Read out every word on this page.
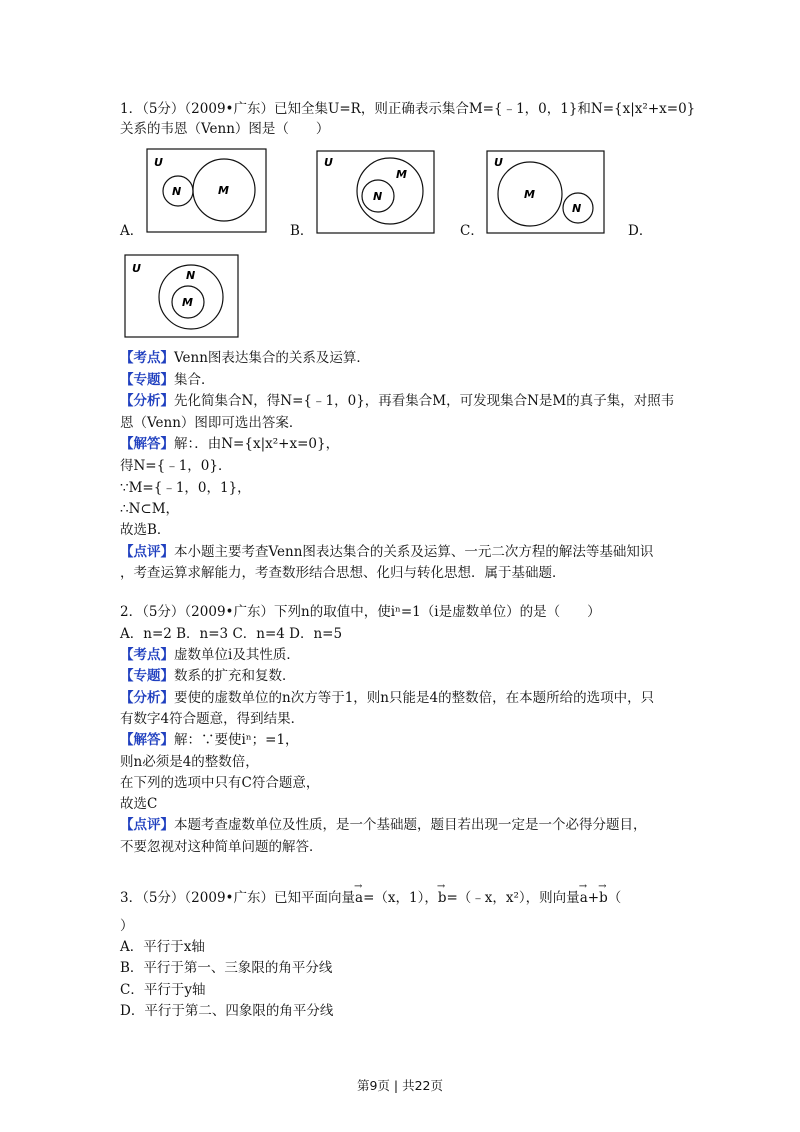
1．（5分）（2009•广东）已知全集U=R，则正确表示集合M={﹣1，0，1}和N={x|x²+x=0}
关系的韦恩（Venn）图是（　　）
U
N	M
A．
U
M
N
B．
U
M
N
C．	D．
U
N
M
【考点】Venn图表达集合的关系及运算．
【专题】集合．
【分析】先化简集合N，得N={﹣1，0}，再看集合M，可发现集合N是M的真子集，对照韦
恩（Venn）图即可选出答案．
【解答】解：．由N={x|x²+x=0}，
得N={﹣1，0}．
∵M={﹣1，0，1}，
∴N⊂M，
故选B．
【点评】本小题主要考查Venn图表达集合的关系及运算、一元二次方程的解法等基础知识
，考查运算求解能力，考查数形结合思想、化归与转化思想．属于基础题．
2．（5分）（2009•广东）下列n的取值中，使iⁿ=1（i是虚数单位）的是（　　）
A．n=2 B．n=3 C．n=4 D．n=5
【考点】虚数单位i及其性质．
【专题】数系的扩充和复数．
【分析】要使的虚数单位的n次方等于1，则n只能是4的整数倍，在本题所给的选项中，只
有数字4符合题意，得到结果．
【解答】解：∵要使iⁿ；=1，
则n必须是4的整数倍，
在下列的选项中只有C符合题意，
故选C
【点评】本题考查虚数单位及性质，是一个基础题，题目若出现一定是一个必得分题目，
不要忽视对这种简单问题的解答．
3．（5分）（2009•广东）已知平面向量→ a=（x，1），→ b=（﹣x，x²），则向量→ a+→ b（
）
A．平行于x轴
B．平行于第一、三象限的角平分线
C．平行于y轴
D．平行于第二、四象限的角平分线
第9页 | 共22页
